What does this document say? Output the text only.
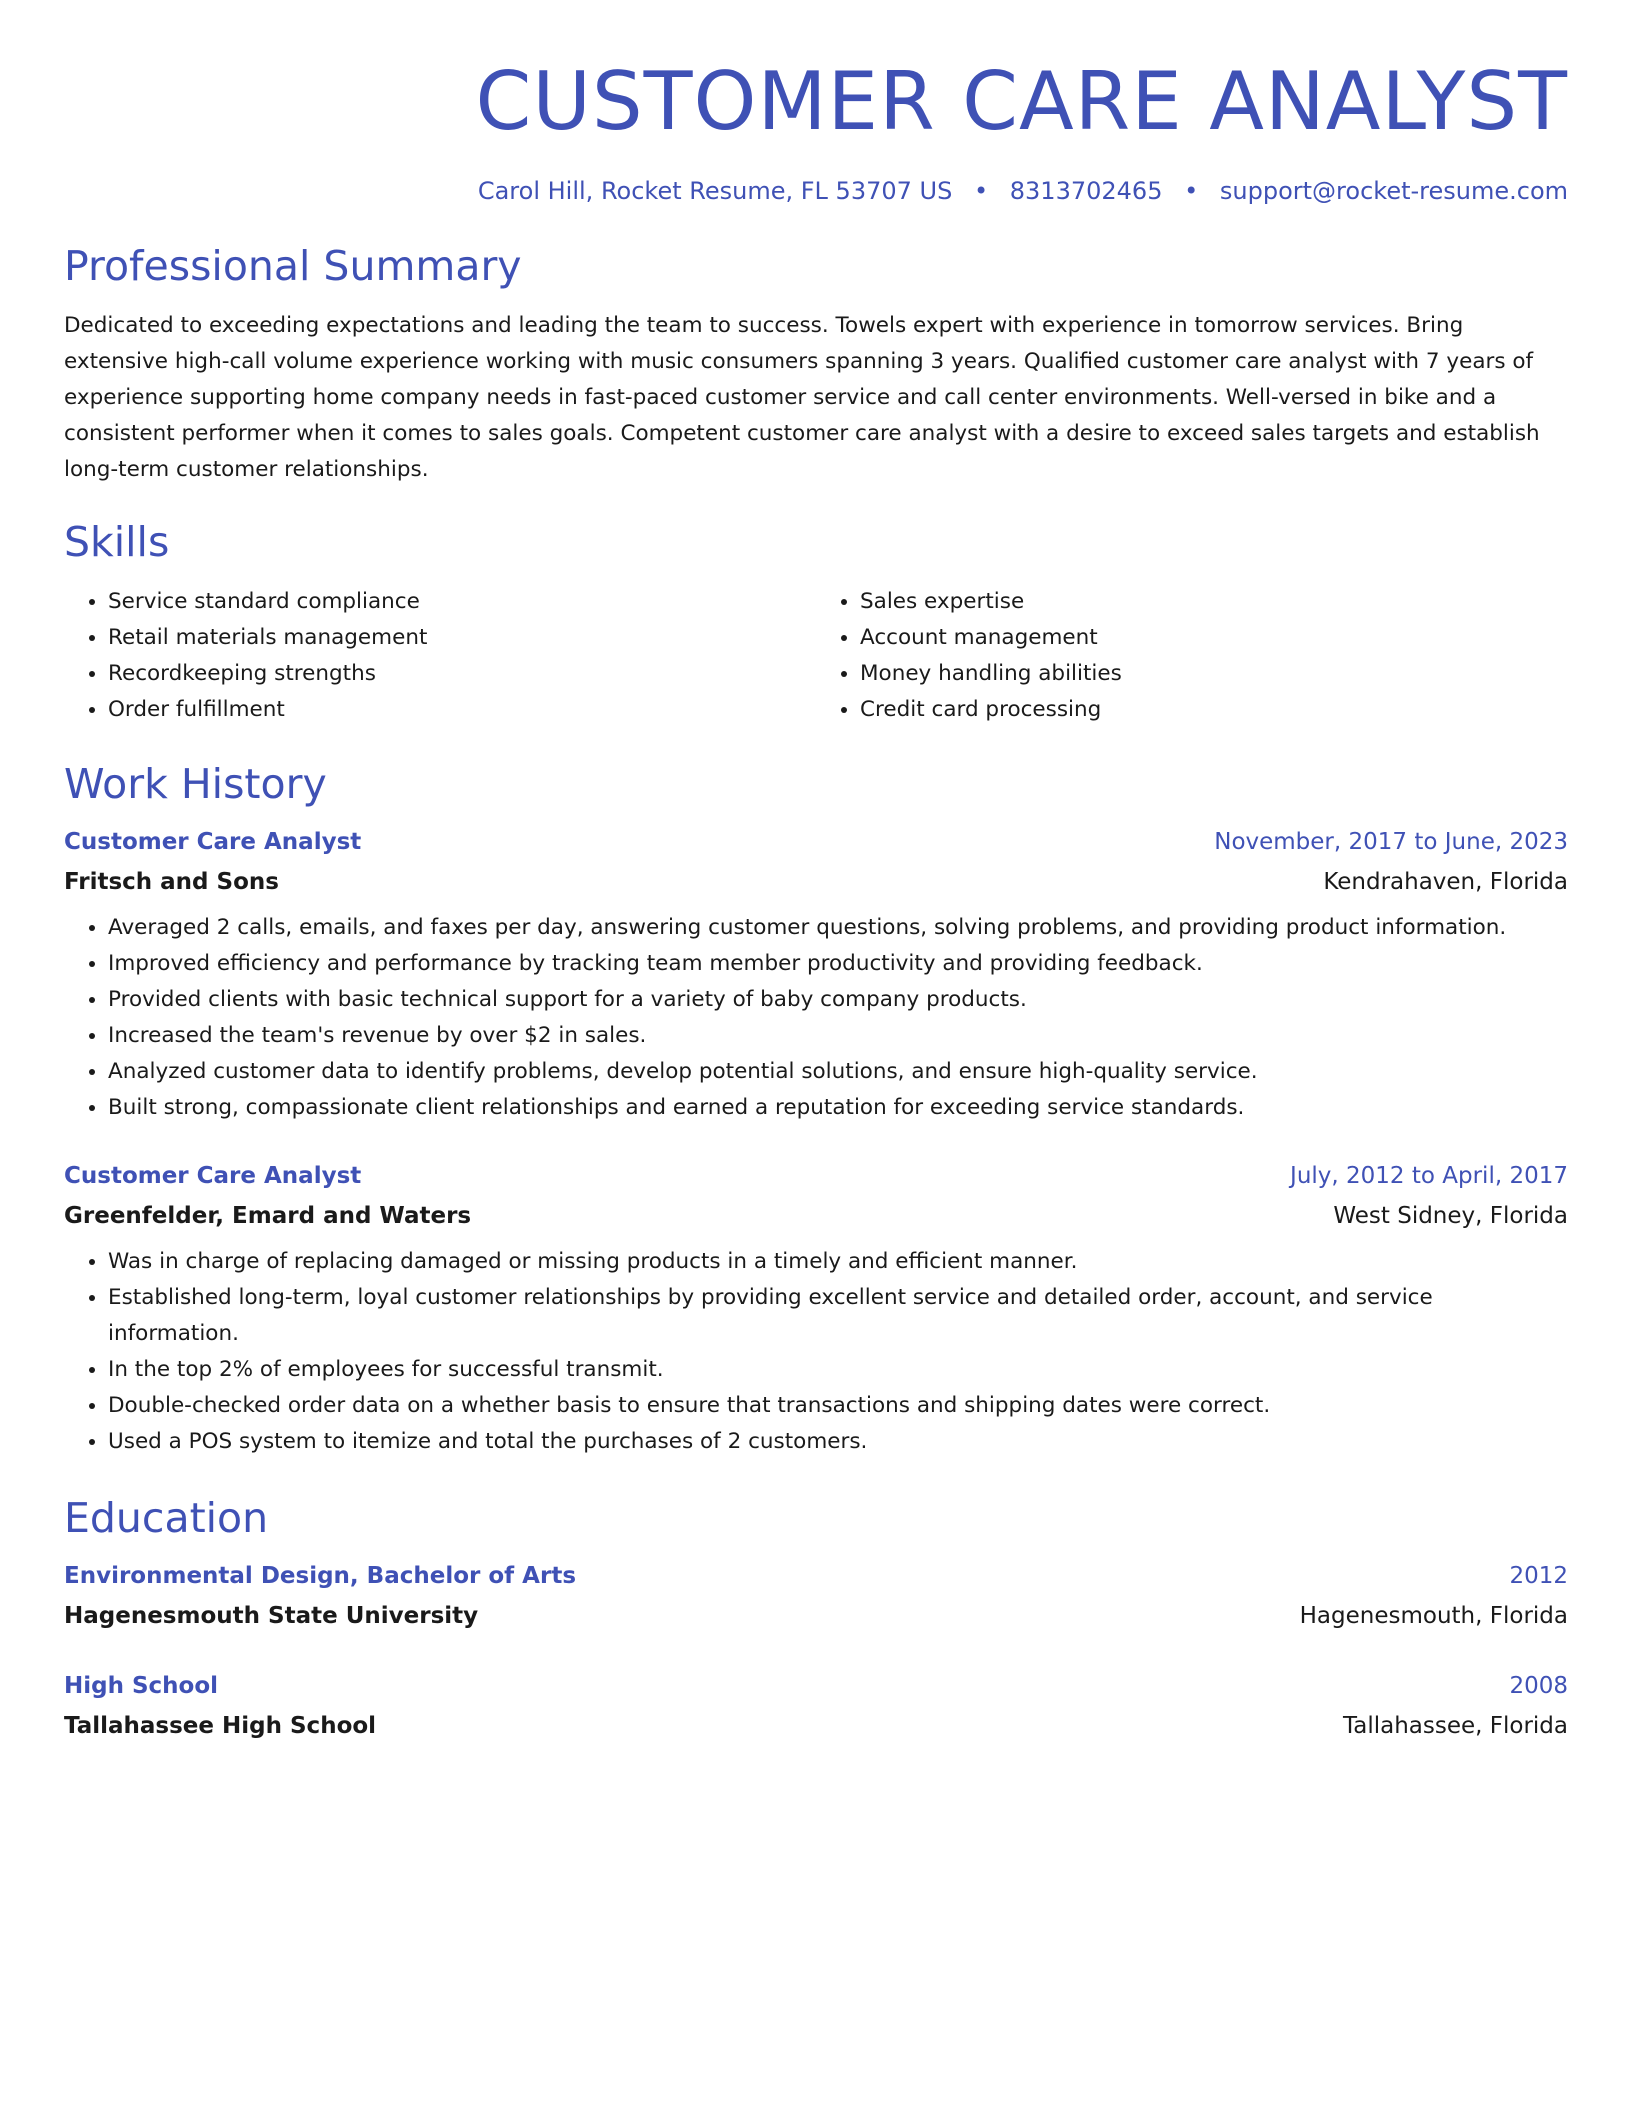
CUSTOMER CARE ANALYST
Carol Hill, Rocket Resume, FL 53707 US • 8313702465 • support@rocket-resume.com
Professional Summary

Dedicated to exceeding expectations and leading the team to success. Towels expert with experience in tomorrow services. Bring extensive high-call volume experience working with music consumers spanning 3 years. Qualified customer care analyst with 7 years of experience supporting home company needs in fast-paced customer service and call center environments. Well-versed in bike and a consistent performer when it comes to sales goals. Competent customer care analyst with a desire to exceed sales targets and establish long-term customer relationships.

Skills
• Service standard compliance
• Retail materials management
• Recordkeeping strengths
• Order fulfillment
• Sales expertise
• Account management
• Money handling abilities
• Credit card processing
Work History
Customer Care Analyst	November, 2017 to June, 2023
Fritsch and Sons	Kendrahaven, Florida
• Averaged 2 calls, emails, and faxes per day, answering customer questions, solving problems, and providing product information.
• Improved efficiency and performance by tracking team member productivity and providing feedback.
• Provided clients with basic technical support for a variety of baby company products.
• Increased the team's revenue by over $2 in sales.
• Analyzed customer data to identify problems, develop potential solutions, and ensure high-quality service.
• Built strong, compassionate client relationships and earned a reputation for exceeding service standards.
Customer Care Analyst	July, 2012 to April, 2017
Greenfelder, Emard and Waters	West Sidney, Florida
• Was in charge of replacing damaged or missing products in a timely and efficient manner.
• Established long-term, loyal customer relationships by providing excellent service and detailed order, account, and service information.
• In the top 2% of employees for successful transmit.
• Double-checked order data on a whether basis to ensure that transactions and shipping dates were correct.
• Used a POS system to itemize and total the purchases of 2 customers.
Education
Environmental Design, Bachelor of Arts	2012
Hagenesmouth State University	Hagenesmouth, Florida
High School	2008
Tallahassee High School	Tallahassee, Florida
